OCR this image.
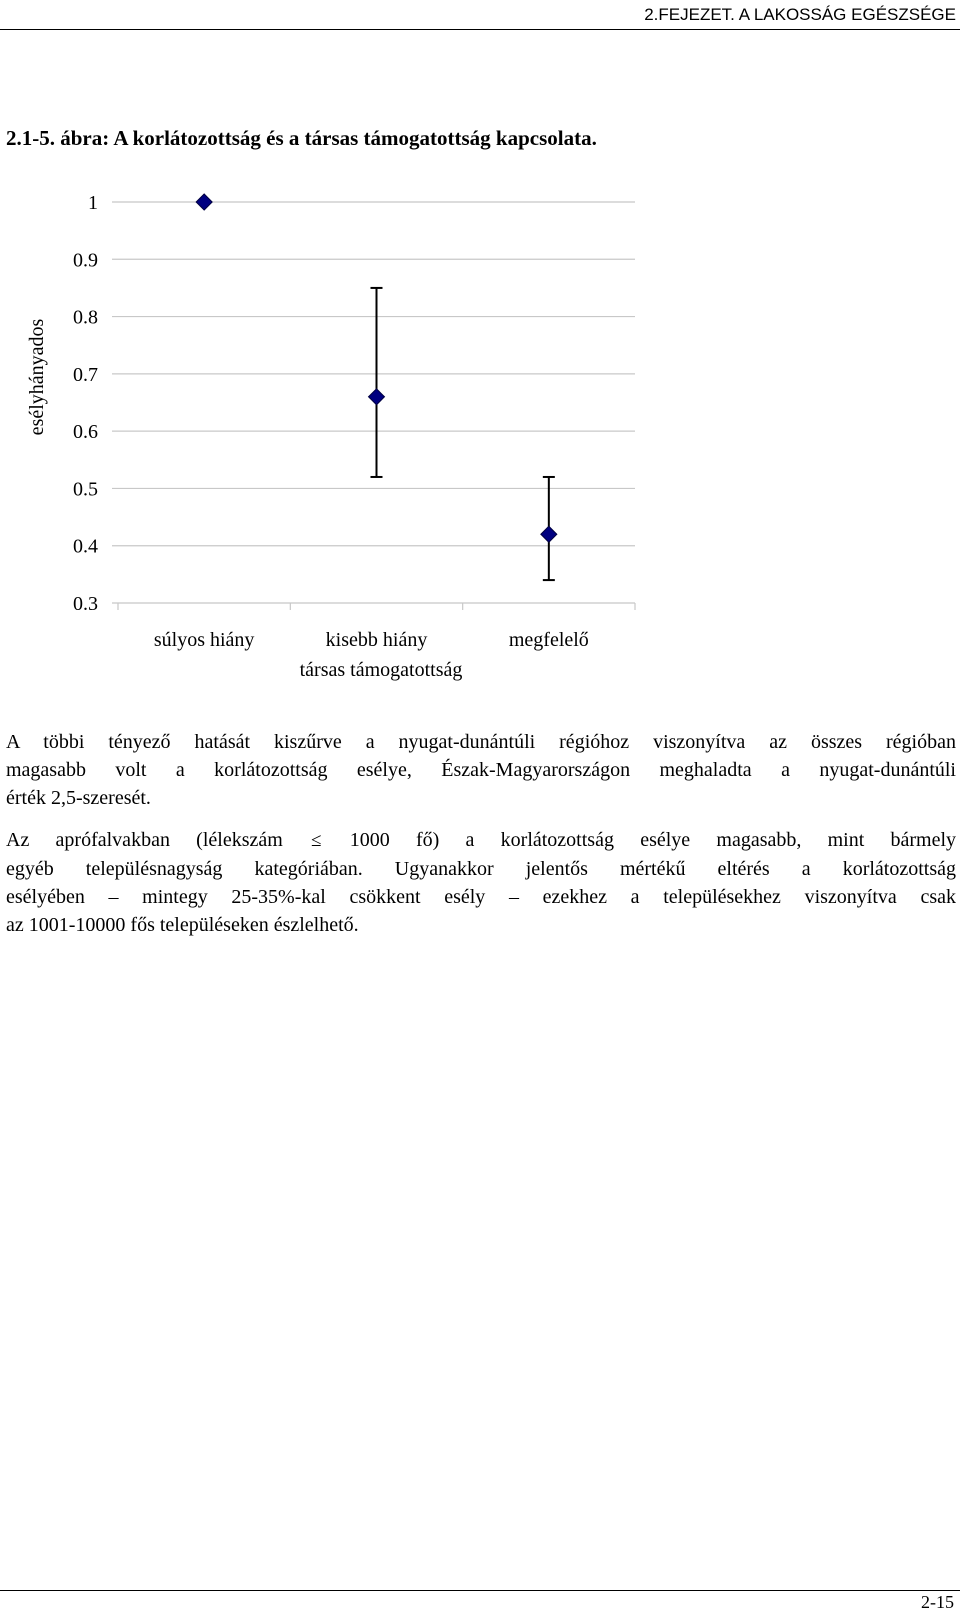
2.FEJEZET. A LAKOSSÁG EGÉSZSÉGE
2.1-5. ábra: A korlátozottság és a társas támogatottság kapcsolata.
1
0.9
0.8
0.7
0.6
0.5
0.4
0.3
súlyos hiány	kisebb hiány	megfelelő
esélyhányados
társas támogatottság
A többi tényező hatását kiszűrve a nyugat-dunántúli régióhoz viszonyítva az összes régióban
magasabb volt a korlátozottság esélye, Észak-Magyarországon meghaladta a nyugat-dunántúli
érték 2,5-szeresét.
Az aprófalvakban (lélekszám ≤ 1000 fő) a korlátozottság esélye magasabb, mint bármely
egyéb településnagyság kategóriában. Ugyanakkor jelentős mértékű eltérés a korlátozottság
esélyében – mintegy 25-35%-kal csökkent esély – ezekhez a településekhez viszonyítva csak
az 1001-10000 fős településeken észlelhető.
2-15
